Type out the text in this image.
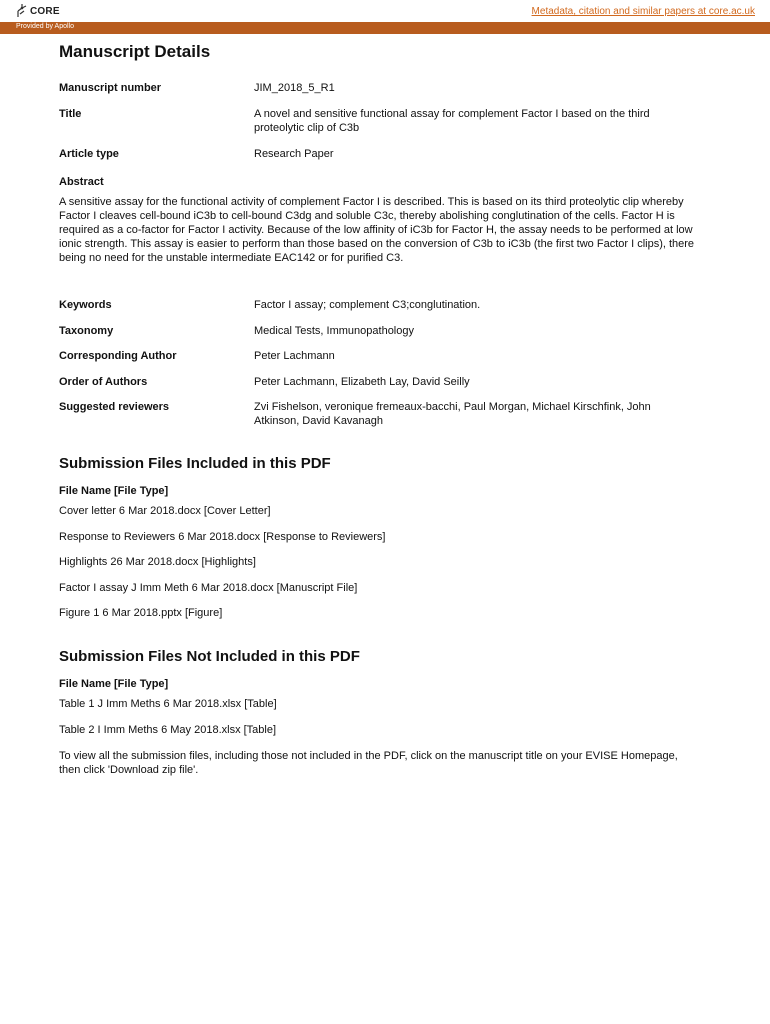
CORE	Metadata, citation and similar papers at core.ac.uk
Provided by Apollo
Manuscript Details
Manuscript number	JIM_2018_5_R1
Title	A novel and sensitive functional assay for complement Factor I based on the third proteolytic clip of C3b
Article type	Research Paper
Abstract
A sensitive assay for the functional activity of complement Factor I is described. This is based on its third proteolytic clip whereby Factor I cleaves cell-bound iC3b to cell-bound C3dg and soluble C3c, thereby abolishing conglutination of the cells. Factor H is required as a co-factor for Factor I activity. Because of the low affinity of iC3b for Factor H, the assay needs to be performed at low ionic strength. This assay is easier to perform than those based on the conversion of C3b to iC3b (the first two Factor I clips), there being no need for the unstable intermediate EAC142 or for purified C3.
Keywords	Factor I assay; complement C3;conglutination.
Taxonomy	Medical Tests, Immunopathology
Corresponding Author	Peter Lachmann
Order of Authors	Peter Lachmann, Elizabeth Lay, David Seilly
Suggested reviewers	Zvi Fishelson, veronique fremeaux-bacchi, Paul Morgan, Michael Kirschfink, John Atkinson, David Kavanagh
Submission Files Included in this PDF
File Name [File Type]
Cover letter 6 Mar 2018.docx [Cover Letter]
Response to Reviewers 6 Mar 2018.docx [Response to Reviewers]
Highlights 26 Mar 2018.docx [Highlights]
Factor I assay J Imm Meth 6 Mar 2018.docx [Manuscript File]
Figure 1 6 Mar 2018.pptx [Figure]
Submission Files Not Included in this PDF
File Name [File Type]
Table 1 J Imm Meths 6 Mar 2018.xlsx [Table]
Table 2 I Imm Meths 6 May 2018.xlsx [Table]
To view all the submission files, including those not included in the PDF, click on the manuscript title on your EVISE Homepage, then click 'Download zip file'.
